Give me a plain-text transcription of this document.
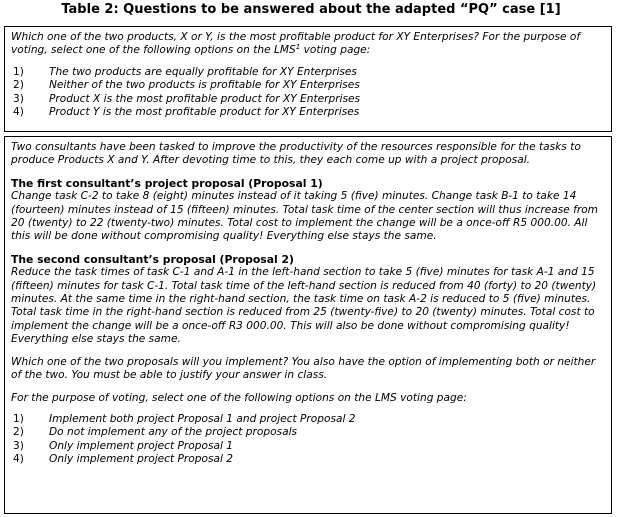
Table 2: Questions to be answered about the adapted “PQ” case [1]

Which one of the two products, X or Y, is the most profitable product for XY Enterprises? For the purpose of voting, select one of the following options on the LMS$^1$ voting page:

1) The two products are equally profitable for XY Enterprises
2) Neither of the two products is profitable for XY Enterprises
3) Product X is the most profitable product for XY Enterprises
4) Product Y is the most profitable product for XY Enterprises

Two consultants have been tasked to improve the productivity of the resources responsible for the tasks to produce Products X and Y. After devoting time to this, they each come up with a project proposal.

The first consultant’s project proposal (Proposal 1)

Change task C-2 to take 8 (eight) minutes instead of it taking 5 (five) minutes. Change task B-1 to take 14 (fourteen) minutes instead of 15 (fifteen) minutes. Total task time of the center section will thus increase from 20 (twenty) to 22 (twenty-two) minutes. Total cost to implement the change will be a once-off R5 000.00. All this will be done without compromising quality! Everything else stays the same.

The second consultant’s proposal (Proposal 2)

Reduce the task times of task C-1 and A-1 in the left-hand section to take 5 (five) minutes for task A-1 and 15 (fifteen) minutes for task C-1. Total task time of the left-hand section is reduced from 40 (forty) to 20 (twenty) minutes. At the same time in the right-hand section, the task time on task A-2 is reduced to 5 (five) minutes. Total task time in the right-hand section is reduced from 25 (twenty-five) to 20 (twenty) minutes. Total cost to implement the change will be a once-off R3 000.00. This will also be done without compromising quality! Everything else stays the same.

Which one of the two proposals will you implement? You also have the option of implementing both or neither of the two. You must be able to justify your answer in class.

For the purpose of voting, select one of the following options on the LMS voting page:

1) Implement both project Proposal 1 and project Proposal 2
2) Do not implement any of the project proposals
3) Only implement project Proposal 1
4) Only implement project Proposal 2
